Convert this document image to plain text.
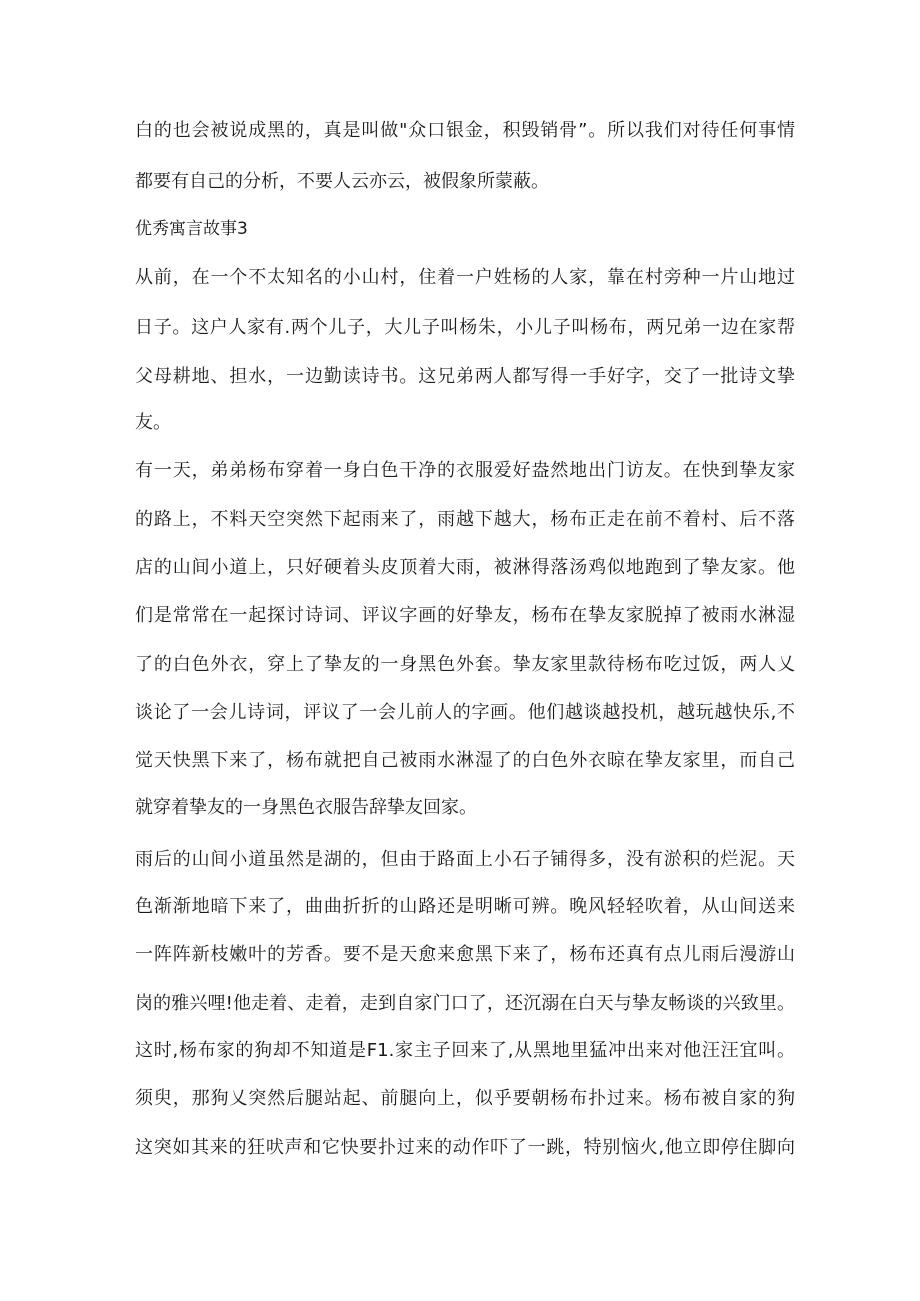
白的也会被说成黑的，真是叫做"众口银金，积毁销骨”。所以我们对待任何事情
都要有自己的分析，不要人云亦云，被假象所蒙蔽。
优秀寓言故事3
从前，在一个不太知名的小山村，住着一户姓杨的人家，靠在村旁种一片山地过
日子。这户人家有.两个儿子，大儿子叫杨朱，小儿子叫杨布，两兄弟一边在家帮
父母耕地、担水，一边勤读诗书。这兄弟两人都写得一手好字，交了一批诗文挚
友。
有一天，弟弟杨布穿着一身白色干净的衣服爱好盎然地出门访友。在快到挚友家
的路上，不料天空突然下起雨来了，雨越下越大，杨布正走在前不着村、后不落
店的山间小道上，只好硬着头皮顶着大雨，被淋得落汤鸡似地跑到了挚友家。他
们是常常在一起探讨诗词、评议字画的好挚友，杨布在挚友家脱掉了被雨水淋湿
了的白色外衣，穿上了挚友的一身黑色外套。挚友家里款待杨布吃过饭，两人乂
谈论了一会儿诗词，评议了一会儿前人的字画。他们越谈越投机，越玩越快乐,不
觉天快黑下来了，杨布就把自己被雨水淋湿了的白色外衣晾在挚友家里，而自己
就穿着挚友的一身黑色衣服告辞挚友回家。
雨后的山间小道虽然是湖的，但由于路面上小石子铺得多，没有淤积的烂泥。天
色渐渐地暗下来了，曲曲折折的山路还是明晰可辨。晚风轻轻吹着，从山间送来
一阵阵新枝嫩叶的芳香。要不是天愈来愈黑下来了，杨布还真有点儿雨后漫游山
岗的雅兴哩!他走着、走着，走到自家门口了，还沉溺在白天与挚友畅谈的兴致里。
这时,杨布家的狗却不知道是F1.家主子回来了,从黑地里猛冲出来对他汪汪宜叫。
须臾，那狗乂突然后腿站起、前腿向上，似乎要朝杨布扑过来。杨布被自家的狗
这突如其来的狂吠声和它快要扑过来的动作吓了一跳，特别恼火,他立即停住脚向
